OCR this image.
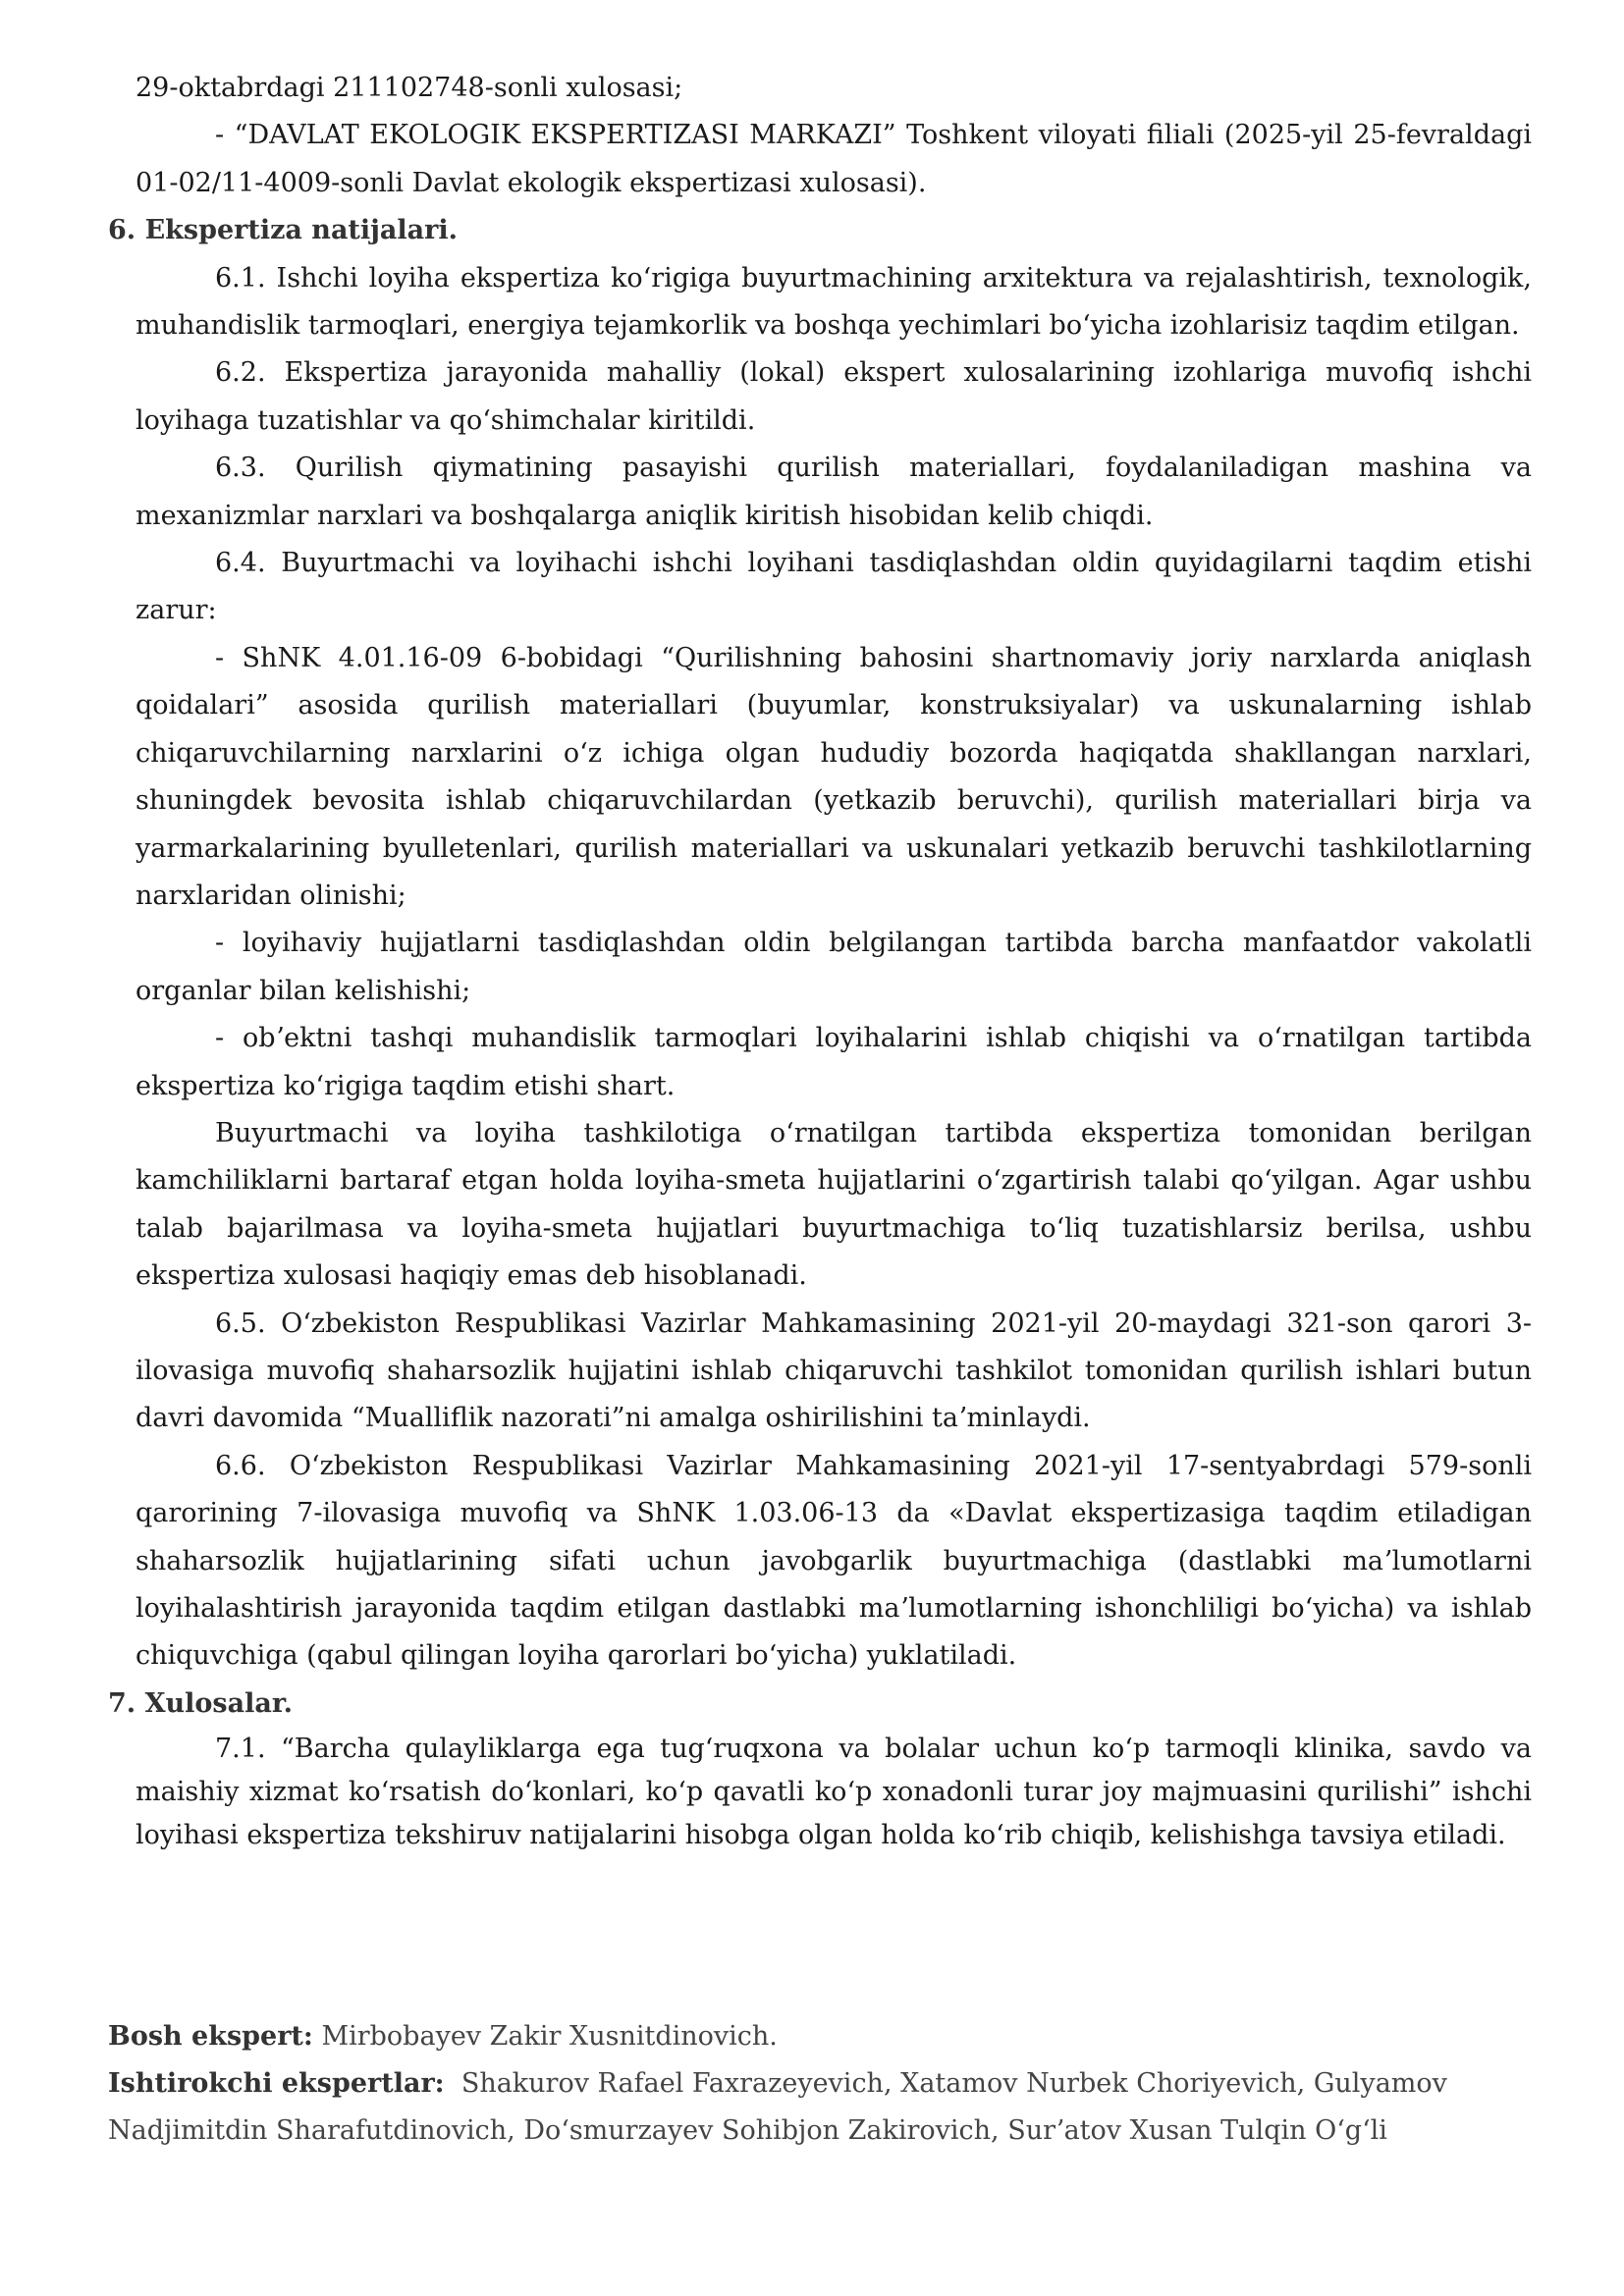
29-oktabrdagi 211102748-sonli xulosasi;

- “DAVLAT EKOLOGIK EKSPERTIZASI MARKAZI” Toshkent viloyati filiali (2025-yil 25-fevraldagi 01-02/11-4009-sonli Davlat ekologik ekspertizasi xulosasi).

6. Ekspertiza natijalari.

6.1. Ishchi loyiha ekspertiza koʻrigiga buyurtmachining arxitektura va rejalashtirish, texnologik, muhandislik tarmoqlari, energiya tejamkorlik va boshqa yechimlari boʻyicha izohlarisiz taqdim etilgan.

6.2. Ekspertiza jarayonida mahalliy (lokal) ekspert xulosalarining izohlariga muvofiq ishchi loyihaga tuzatishlar va qoʻshimchalar kiritildi.

6.3. Qurilish qiymatining pasayishi qurilish materiallari, foydalaniladigan mashina va mexanizmlar narxlari va boshqalarga aniqlik kiritish hisobidan kelib chiqdi.

6.4. Buyurtmachi va loyihachi ishchi loyihani tasdiqlashdan oldin quyidagilarni taqdim etishi zarur:

- ShNK 4.01.16-09 6-bobidagi “Qurilishning bahosini shartnomaviy joriy narxlarda aniqlash qoidalari” asosida qurilish materiallari (buyumlar, konstruksiyalar) va uskunalarning ishlab chiqaruvchilarning narxlarini oʻz ichiga olgan hududiy bozorda haqiqatda shakllangan narxlari, shuningdek bevosita ishlab chiqaruvchilardan (yetkazib beruvchi), qurilish materiallari birja va yarmarkalarining byulletenlari, qurilish materiallari va uskunalari yetkazib beruvchi tashkilotlarning narxlaridan olinishi;

- loyihaviy hujjatlarni tasdiqlashdan oldin belgilangan tartibda barcha manfaatdor vakolatli organlar bilan kelishishi;

- obʼektni tashqi muhandislik tarmoqlari loyihalarini ishlab chiqishi va oʻrnatilgan tartibda ekspertiza koʻrigiga taqdim etishi shart.

Buyurtmachi va loyiha tashkilotiga oʻrnatilgan tartibda ekspertiza tomonidan berilgan kamchiliklarni bartaraf etgan holda loyiha-smeta hujjatlarini oʻzgartirish talabi qoʻyilgan. Agar ushbu talab bajarilmasa va loyiha-smeta hujjatlari buyurtmachiga toʻliq tuzatishlarsiz berilsa, ushbu ekspertiza xulosasi haqiqiy emas deb hisoblanadi.

6.5. Oʻzbekiston Respublikasi Vazirlar Mahkamasining 2021-yil 20-maydagi 321-son qarori 3-ilovasiga muvofiq shaharsozlik hujjatini ishlab chiqaruvchi tashkilot tomonidan qurilish ishlari butun davri davomida “Mualliflik nazorati”ni amalga oshirilishini taʼminlaydi.

6.6. Oʻzbekiston Respublikasi Vazirlar Mahkamasining 2021-yil 17-sentyabrdagi 579-sonli qarorining 7-ilovasiga muvofiq va ShNK 1.03.06-13 da «Davlat ekspertizasiga taqdim etiladigan shaharsozlik hujjatlarining sifati uchun javobgarlik buyurtmachiga (dastlabki maʼlumotlarni loyihalashtirish jarayonida taqdim etilgan dastlabki maʼlumotlarning ishonchliligi boʻyicha) va ishlab chiquvchiga (qabul qilingan loyiha qarorlari boʻyicha) yuklatiladi.

7. Xulosalar.

7.1. “Barcha qulayliklarga ega tugʻruqxona va bolalar uchun koʻp tarmoqli klinika, savdo va maishiy xizmat koʻrsatish doʻkonlari, koʻp qavatli koʻp xonadonli turar joy majmuasini qurilishi” ishchi loyihasi ekspertiza tekshiruv natijalarini hisobga olgan holda koʻrib chiqib, kelishishga tavsiya etiladi.

Bosh ekspert: Mirbobayev Zakir Xusnitdinovich.

Ishtirokchi ekspertlar:  Shakurov Rafael Faxrazeyevich, Xatamov Nurbek Choriyevich, Gulyamov Nadjimitdin Sharafutdinovich, Doʻsmurzayev Sohibjon Zakirovich, Surʼatov Xusan Tulqin Oʻgʻli
